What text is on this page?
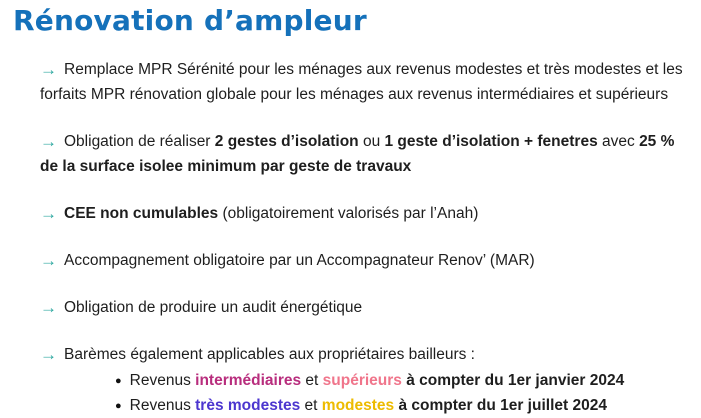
Rénovation d’ampleur
→ Remplace MPR Sérénité pour les ménages aux revenus modestes et très modestes et les forfaits MPR rénovation globale pour les ménages aux revenus intermédiaires et supérieurs
→ Obligation de réaliser 2 gestes d’isolation ou 1 geste d’isolation + fenetres avec 25 % de la surface isolee minimum par geste de travaux
→ CEE non cumulables (obligatoirement valorisés par l’Anah)
→ Accompagnement obligatoire par un Accompagnateur Renov’ (MAR)
→ Obligation de produire un audit énergétique
→ Barèmes également applicables aux propriétaires bailleurs :
● Revenus intermédiaires et supérieurs à compter du 1er janvier 2024
● Revenus très modestes et modestes à compter du 1er juillet 2024
